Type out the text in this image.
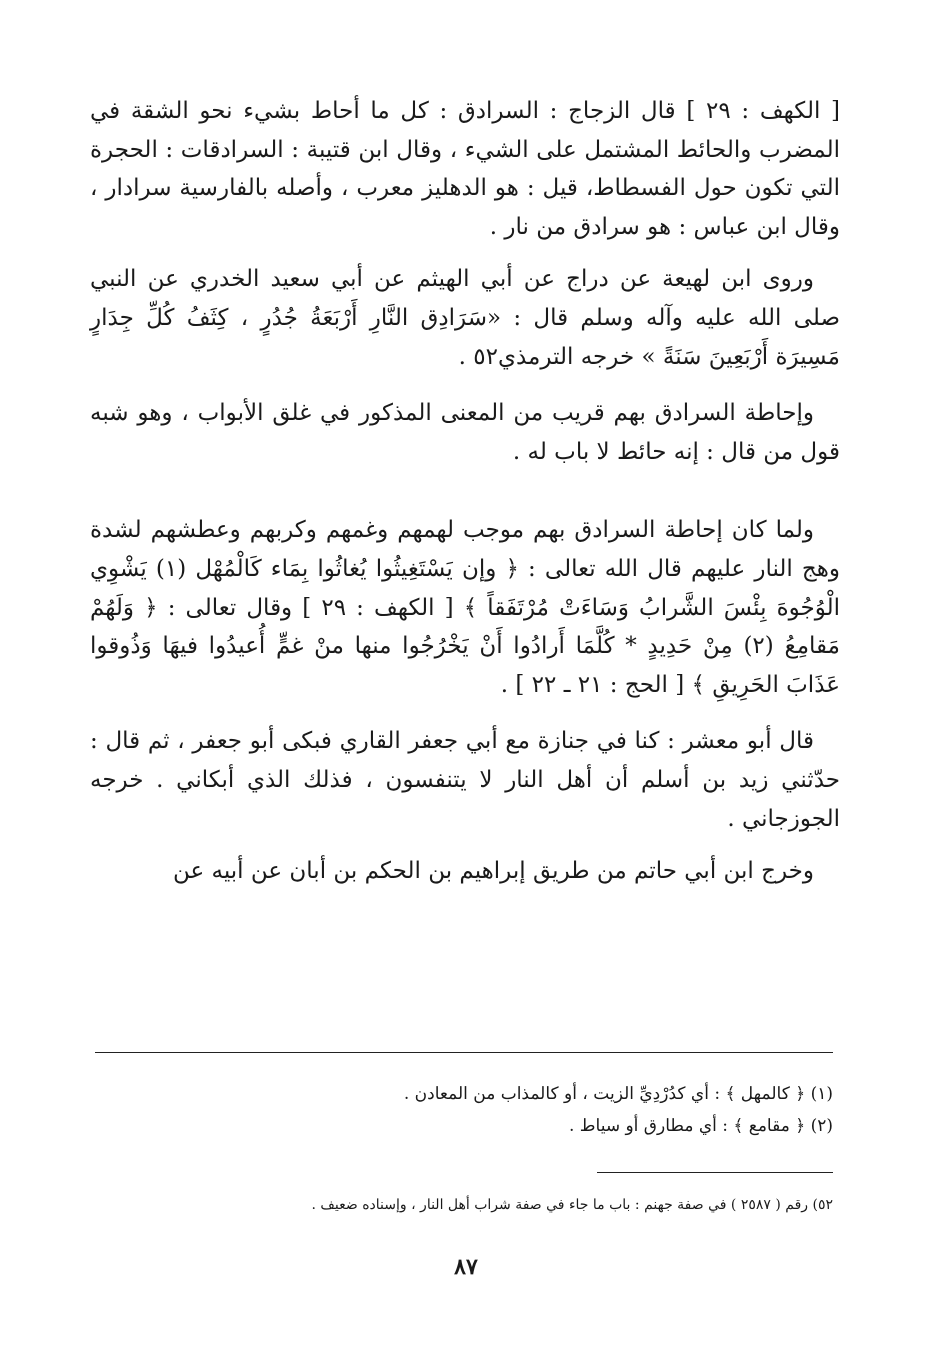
[ الكهف : ٢٩ ] قال الزجاج : السرادق : كل ما أحاط بشيء نحو الشقة في المضرب والحائط المشتمل على الشيء ، وقال ابن قتيبة : السرادقات : الحجرة التي تكون حول الفسطاط، قيل : هو الدهليز معرب ، وأصله بالفارسية سرادار ، وقال ابن عباس : هو سرادق من نار .

وروى ابن لهيعة عن دراج عن أبي الهيثم عن أبي سعيد الخدري عن النبي صلى الله عليه وآله وسلم قال : «سَرَادِق النَّارِ أَرْبَعَةُ جُدُرٍ ، كِثَفُ كُلِّ جِدَارٍ مَسِيرَة أَرْبَعِينَ سَنَةً » خرجه الترمذي٥٢ .

وإحاطة السرادق بهم قريب من المعنى المذكور في غلق الأبواب ، وهو شبه قول من قال : إنه حائط لا باب له .

ولما كان إحاطة السرادق بهم موجب لهمهم وغمهم وكربهم وعطشهم لشدة وهج النار عليهم قال الله تعالى : ﴿ وإن يَسْتَغِيثُوا يُغاثُوا بِمَاء كَالْمُهْل (١) يَشْوِي الْوُجُوهَ بِئْسَ الشَّرابُ وَسَاءَتْ مُرْتَفَقاً ﴾ [ الكهف : ٢٩ ] وقال تعالى : ﴿ وَلَهُمْ مَقامِعُ (٢) مِنْ حَدِيدٍ * كُلَّمَا أَرادُوا أَنْ يَخْرُجُوا منها منْ غمٍّ أُعيدُوا فيهَا وَذُوقوا عَذَابَ الحَرِيقِ ﴾ [ الحج : ٢١ ـ ٢٢ ] .

قال أبو معشر : كنا في جنازة مع أبي جعفر القاري فبكى أبو جعفر ، ثم قال : حدّثني زيد بن أسلم أن أهل النار لا يتنفسون ، فذلك الذي أبكاني . خرجه الجوزجاني .

وخرج ابن أبي حاتم من طريق إبراهيم بن الحكم بن أبان عن أبيه عن

(١) ﴿ كالمهل ﴾ : أي كدُرْدِيِّ الزيت ، أو كالمذاب من المعادن .

(٢) ﴿ مقامع ﴾ : أي مطارق أو سياط .

٥٢) رقم ( ٢٥٨٧ ) في صفة جهنم : باب ما جاء في صفة شراب أهل النار ، وإسناده ضعيف .
٨٧
